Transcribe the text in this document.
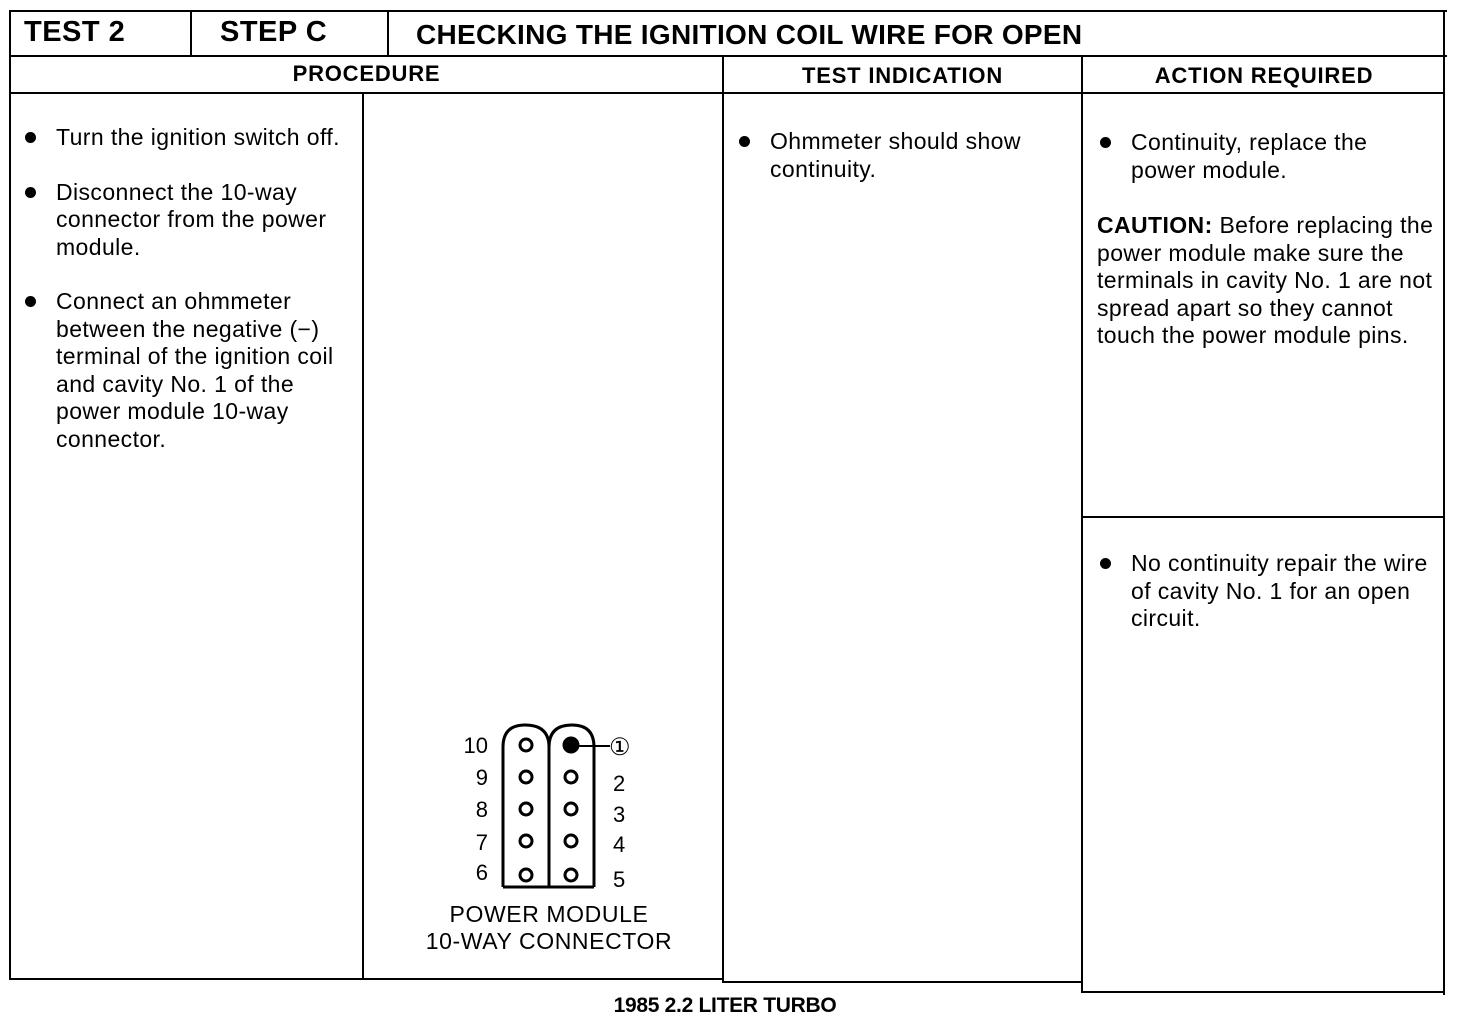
TEST 2	STEP C	CHECKING THE IGNITION COIL WIRE FOR OPEN
PROCEDURE	TEST INDICATION	ACTION REQUIRED
Turn the ignition switch off.
Disconnect the 10-way connector from the power module.
Connect an ohmmeter between the negative (−) terminal of the ignition coil and cavity No. 1 of the power module 10-way connector.
10
9
8
7
6
①
2
3
4
5
POWER MODULE
10-WAY CONNECTOR
Ohmmeter should show continuity.
Continuity, replace the power module.
CAUTION: Before replacing the power module make sure the terminals in cavity No. 1 are not spread apart so they cannot touch the power module pins.
No continuity repair the wire of cavity No. 1 for an open circuit.
1985 2.2 LITER TURBO
